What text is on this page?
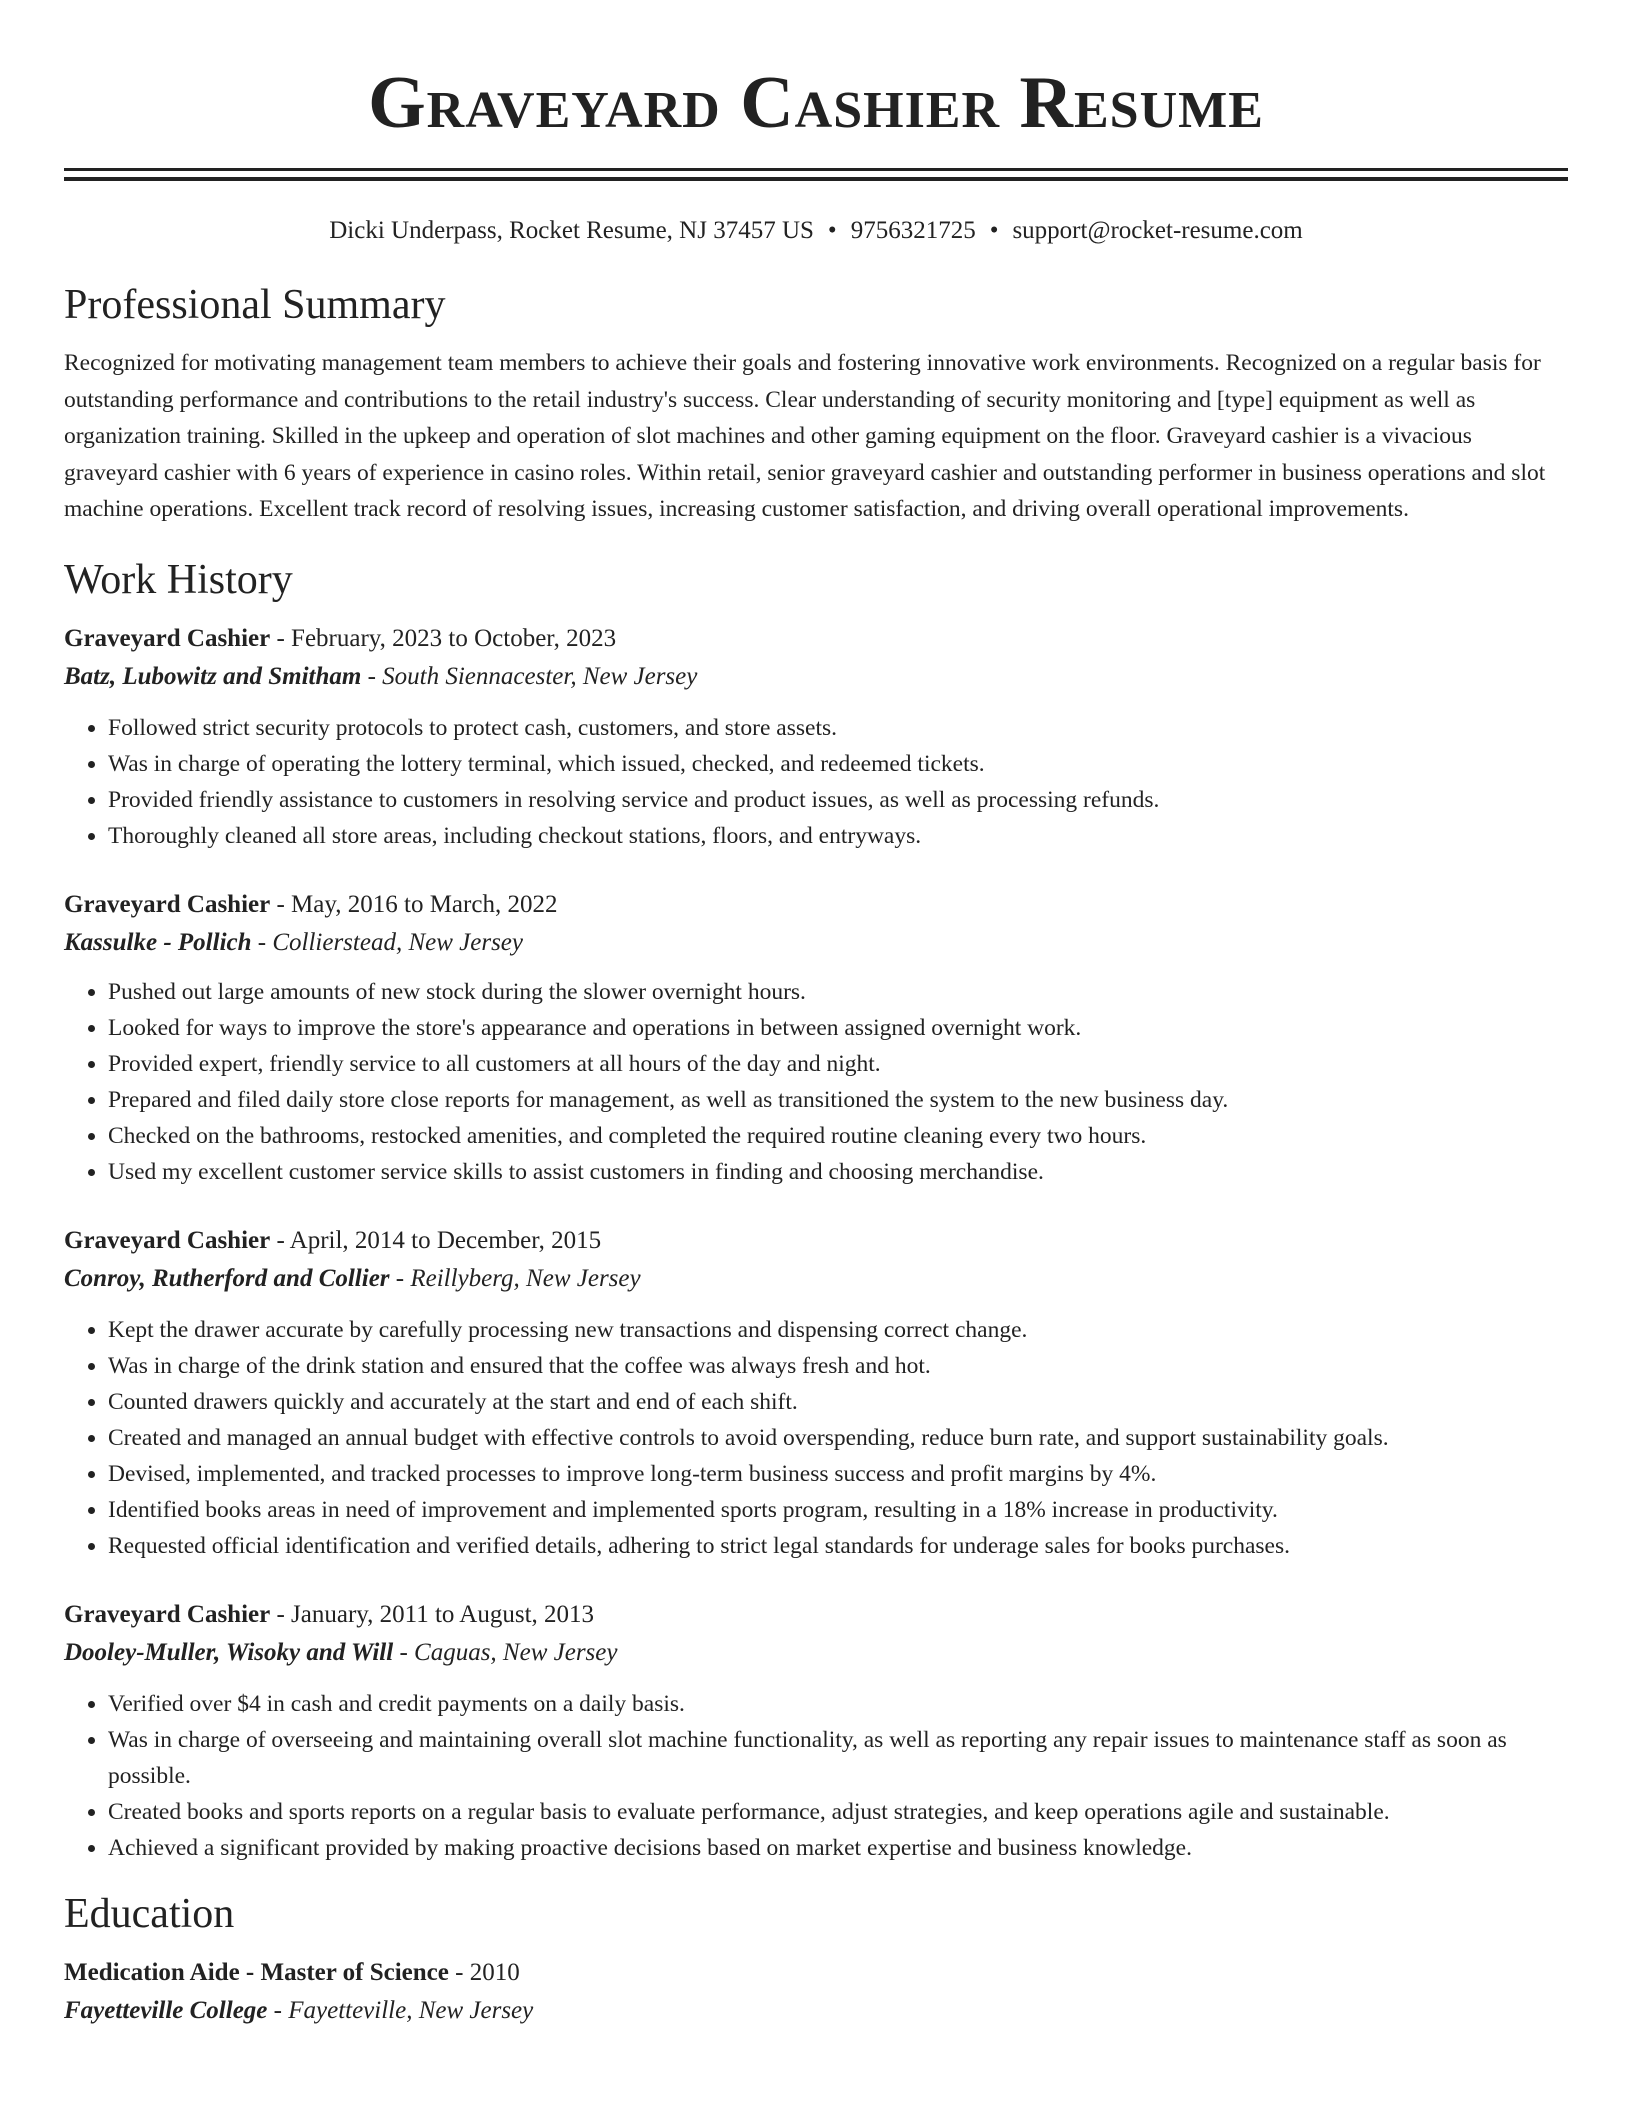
Graveyard Cashier Resume
Dicki Underpass, Rocket Resume, NJ 37457 US • 9756321725 • support@rocket-resume.com
Professional Summary

Recognized for motivating management team members to achieve their goals and fostering innovative work environments. Recognized on a regular basis for outstanding performance and contributions to the retail industry's success. Clear understanding of security monitoring and [type] equipment as well as organization training. Skilled in the upkeep and operation of slot machines and other gaming equipment on the floor. Graveyard cashier is a vivacious graveyard cashier with 6 years of experience in casino roles. Within retail, senior graveyard cashier and outstanding performer in business operations and slot machine operations. Excellent track record of resolving issues, increasing customer satisfaction, and driving overall operational improvements.

Work History
Graveyard Cashier - February, 2023 to October, 2023
Batz, Lubowitz and Smitham - South Siennacester, New Jersey
• Followed strict security protocols to protect cash, customers, and store assets.
• Was in charge of operating the lottery terminal, which issued, checked, and redeemed tickets.
• Provided friendly assistance to customers in resolving service and product issues, as well as processing refunds.
• Thoroughly cleaned all store areas, including checkout stations, floors, and entryways.
Graveyard Cashier - May, 2016 to March, 2022
Kassulke - Pollich - Collierstead, New Jersey
• Pushed out large amounts of new stock during the slower overnight hours.
• Looked for ways to improve the store's appearance and operations in between assigned overnight work.
• Provided expert, friendly service to all customers at all hours of the day and night.
• Prepared and filed daily store close reports for management, as well as transitioned the system to the new business day.
• Checked on the bathrooms, restocked amenities, and completed the required routine cleaning every two hours.
• Used my excellent customer service skills to assist customers in finding and choosing merchandise.
Graveyard Cashier - April, 2014 to December, 2015
Conroy, Rutherford and Collier - Reillyberg, New Jersey
• Kept the drawer accurate by carefully processing new transactions and dispensing correct change.
• Was in charge of the drink station and ensured that the coffee was always fresh and hot.
• Counted drawers quickly and accurately at the start and end of each shift.
• Created and managed an annual budget with effective controls to avoid overspending, reduce burn rate, and support sustainability goals.
• Devised, implemented, and tracked processes to improve long-term business success and profit margins by 4%.
• Identified books areas in need of improvement and implemented sports program, resulting in a 18% increase in productivity.
• Requested official identification and verified details, adhering to strict legal standards for underage sales for books purchases.
Graveyard Cashier - January, 2011 to August, 2013
Dooley-Muller, Wisoky and Will - Caguas, New Jersey
• Verified over $4 in cash and credit payments on a daily basis.
• Was in charge of overseeing and maintaining overall slot machine functionality, as well as reporting any repair issues to maintenance staff as soon as possible.
• Created books and sports reports on a regular basis to evaluate performance, adjust strategies, and keep operations agile and sustainable.
• Achieved a significant provided by making proactive decisions based on market expertise and business knowledge.
Education
Medication Aide - Master of Science - 2010
Fayetteville College - Fayetteville, New Jersey
